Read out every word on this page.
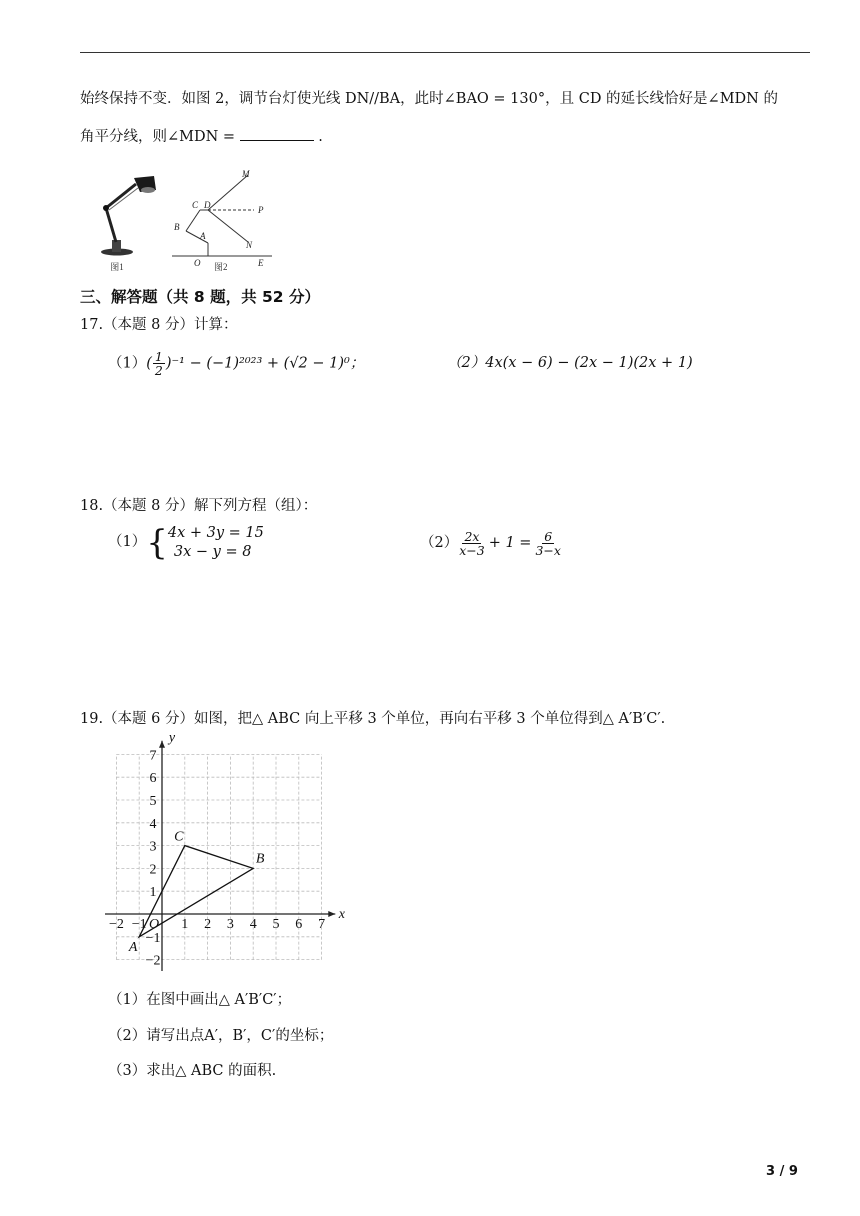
始终保持不变．如图 2，调节台灯使光线 DN//BA，此时∠BAO = 130°，且 CD 的延长线恰好是∠MDN 的
角平分线，则∠MDN =	.
图1
M
C D	P
B
A
N
O	E
图2
三、解答题（共 8 题，共 52 分）
17.（本题 8 分）计算：
$(1)( \frac{1}{2} )^{-1} - (-1)^{2023} + (√2 - 1)^0$；	（2）4x(x − 6) − (2x − 1)(2x + 1)
18.（本题 8 分）解下列方程（组）：
（1）{ 4x + 3y = 15
3x − y = 8
$(2) \frac{2x}{x-3} + 1 = \frac{6}{3-x}$
19.（本题 6 分）如图，把△ ABC 向上平移 3 个单位，再向右平移 3 个单位得到△ A′B′C′.
x
y
O
−2 −1 1 2 3 4 5 6 7
7
6
5
4
3
2
1
−1
−2
A
B
C
（1）在图中画出△ A′B′C′；
（2）请写出点A′，B′，C′的坐标；
（3）求出△ ABC 的面积.
3 / 9
